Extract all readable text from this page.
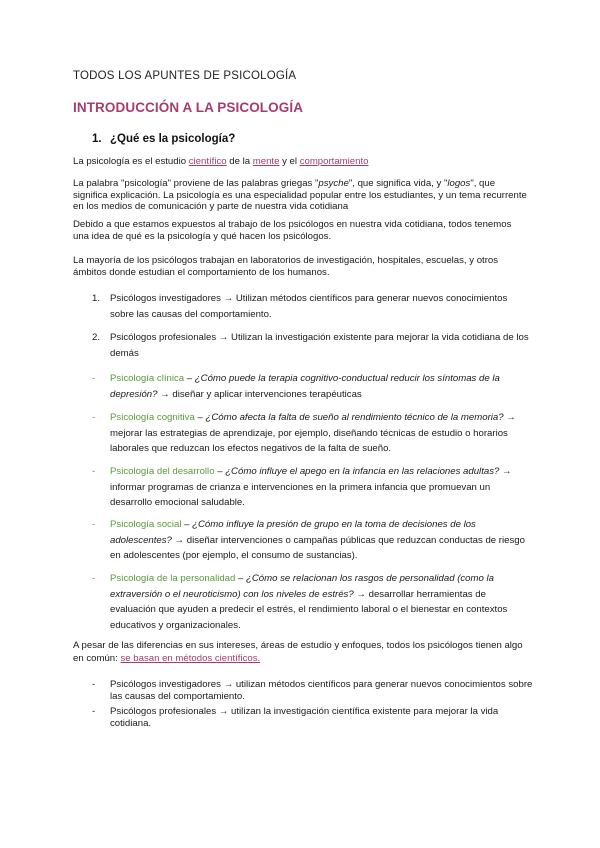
TODOS LOS APUNTES DE PSICOLOGÍA
INTRODUCCIÓN A LA PSICOLOGÍA
1. ¿Qué es la psicología?
La psicología es el estudio científico de la mente y el comportamiento
La palabra "psicología" proviene de las palabras griegas "psyche", que significa vida, y "logos", que significa explicación. La psicología es una especialidad popular entre los estudiantes, y un tema recurrente en los medios de comunicación y parte de nuestra vida cotidiana
Debido a que estamos expuestos al trabajo de los psicólogos en nuestra vida cotidiana, todos tenemos una idea de qué es la psicología y qué hacen los psicólogos.
La mayoría de los psicólogos trabajan en laboratorios de investigación, hospitales, escuelas, y otros ámbitos donde estudian el comportamiento de los humanos.
1. Psicólogos investigadores → Utilizan métodos científicos para generar nuevos conocimientos sobre las causas del comportamiento.
2. Psicólogos profesionales → Utilizan la investigación existente para mejorar la vida cotidiana de los demás
- Psicología clínica – ¿Cómo puede la terapia cognitivo-conductual reducir los síntomas de la depresión? → diseñar y aplicar intervenciones terapéuticas
- Psicología cognitiva – ¿Cómo afecta la falta de sueño al rendimiento técnico de la memoria? → mejorar las estrategias de aprendizaje, por ejemplo, diseñando técnicas de estudio o horarios laborales que reduzcan los efectos negativos de la falta de sueño.
- Psicología del desarrollo – ¿Cómo influye el apego en la infancia en las relaciones adultas? → informar programas de crianza e intervenciones en la primera infancia que promuevan un desarrollo emocional saludable.
- Psicología social – ¿Cómo influye la presión de grupo en la toma de decisiones de los adolescentes? → diseñar intervenciones o campañas públicas que reduzcan conductas de riesgo en adolescentes (por ejemplo, el consumo de sustancias).
- Psicología de la personalidad – ¿Cómo se relacionan los rasgos de personalidad (como la extraversión o el neuroticismo) con los niveles de estrés? → desarrollar herramientas de evaluación que ayuden a predecir el estrés, el rendimiento laboral o el bienestar en contextos educativos y organizacionales.
A pesar de las diferencias en sus intereses, áreas de estudio y enfoques, todos los psicólogos tienen algo en común: se basan en métodos científicos.
- Psicólogos investigadores → utilizan métodos científicos para generar nuevos conocimientos sobre las causas del comportamiento.
- Psicólogos profesionales → utilizan la investigación científica existente para mejorar la vida cotidiana.
